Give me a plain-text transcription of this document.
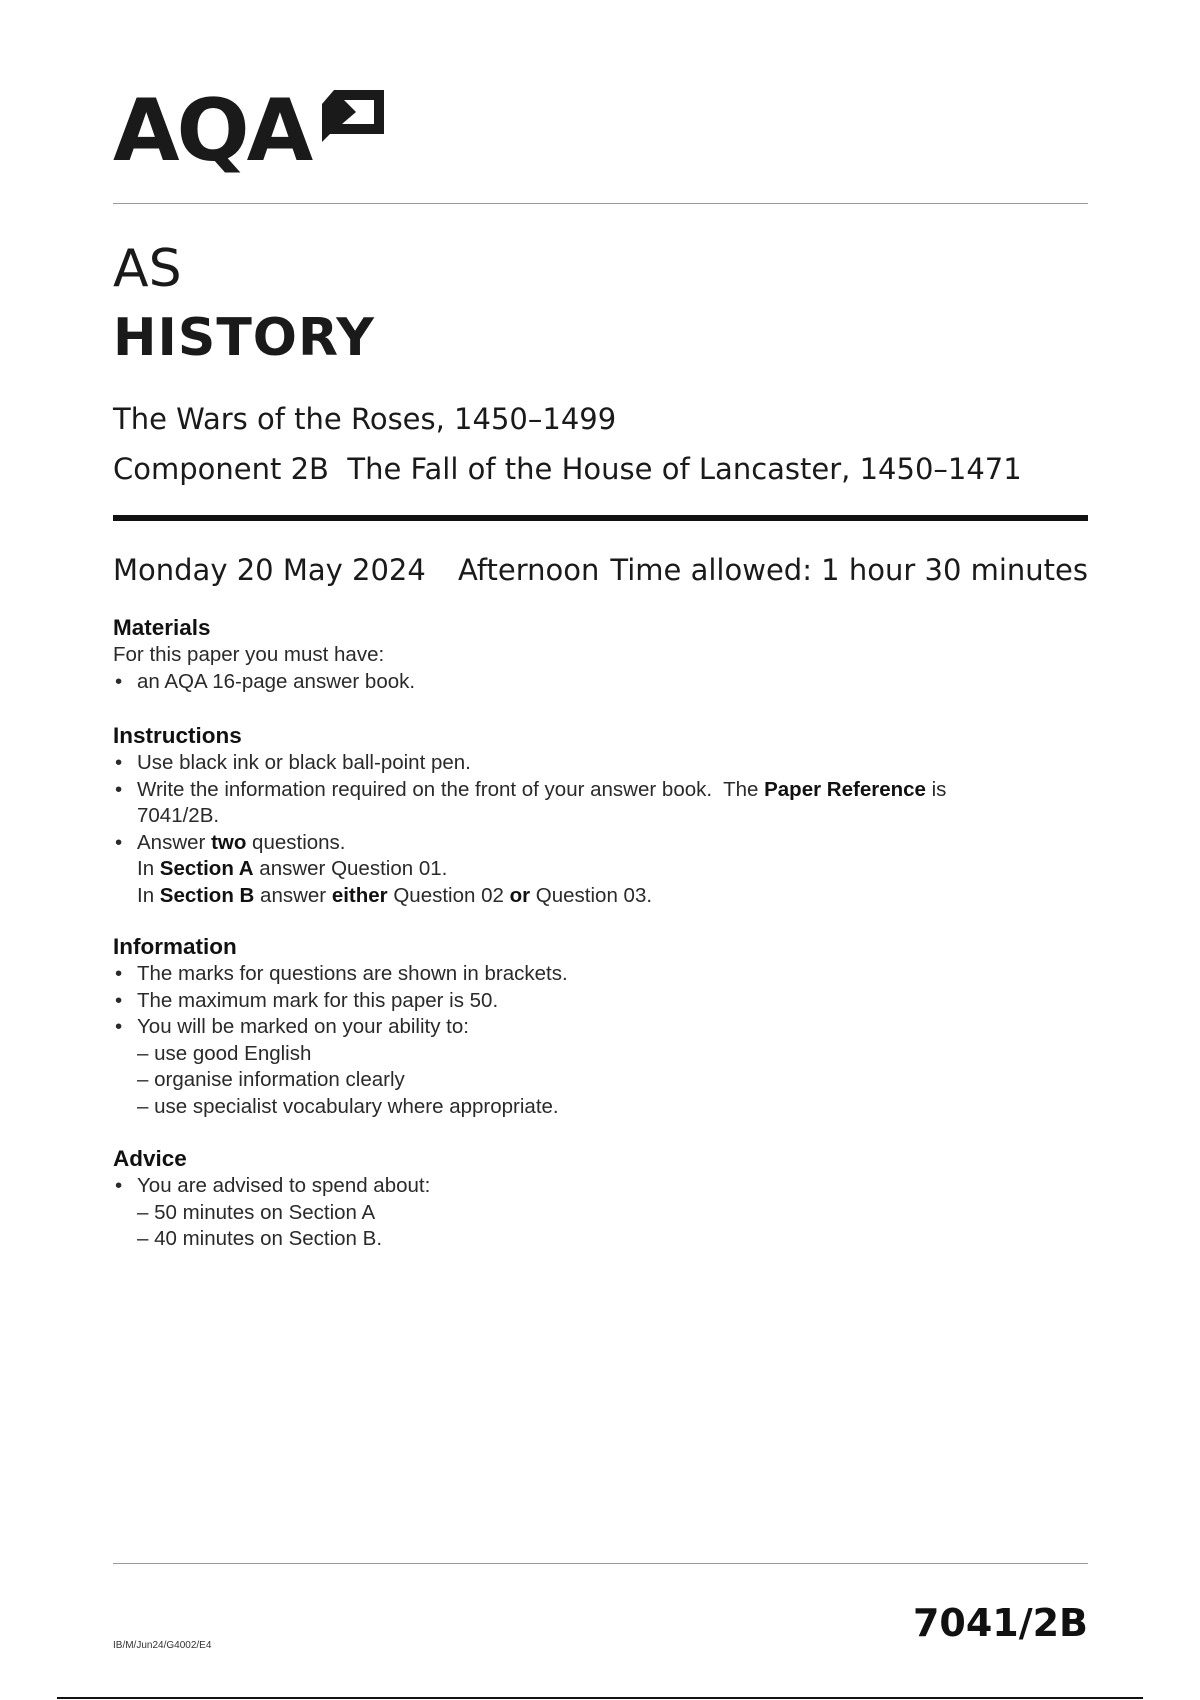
AQA
AS
HISTORY
The Wars of the Roses, 1450–1499
Component 2B  The Fall of the House of Lancaster, 1450–1471
Monday 20 May 2024 Afternoon Time allowed: 1 hour 30 minutes
Materials
For this paper you must have:
• an AQA 16-page answer book.
Instructions
• Use black ink or black ball-point pen.
• Write the information required on the front of your answer book.  The Paper Reference is
7041/2B.
• Answer two questions.
In Section A answer Question 01.
In Section B answer either Question 02 or Question 03.
Information
• The marks for questions are shown in brackets.
• The maximum mark for this paper is 50.
• You will be marked on your ability to:
– use good English
– organise information clearly
– use specialist vocabulary where appropriate.
Advice
• You are advised to spend about:
– 50 minutes on Section A
– 40 minutes on Section B.
IB/M/Jun24/G4002/E4
7041/2B
